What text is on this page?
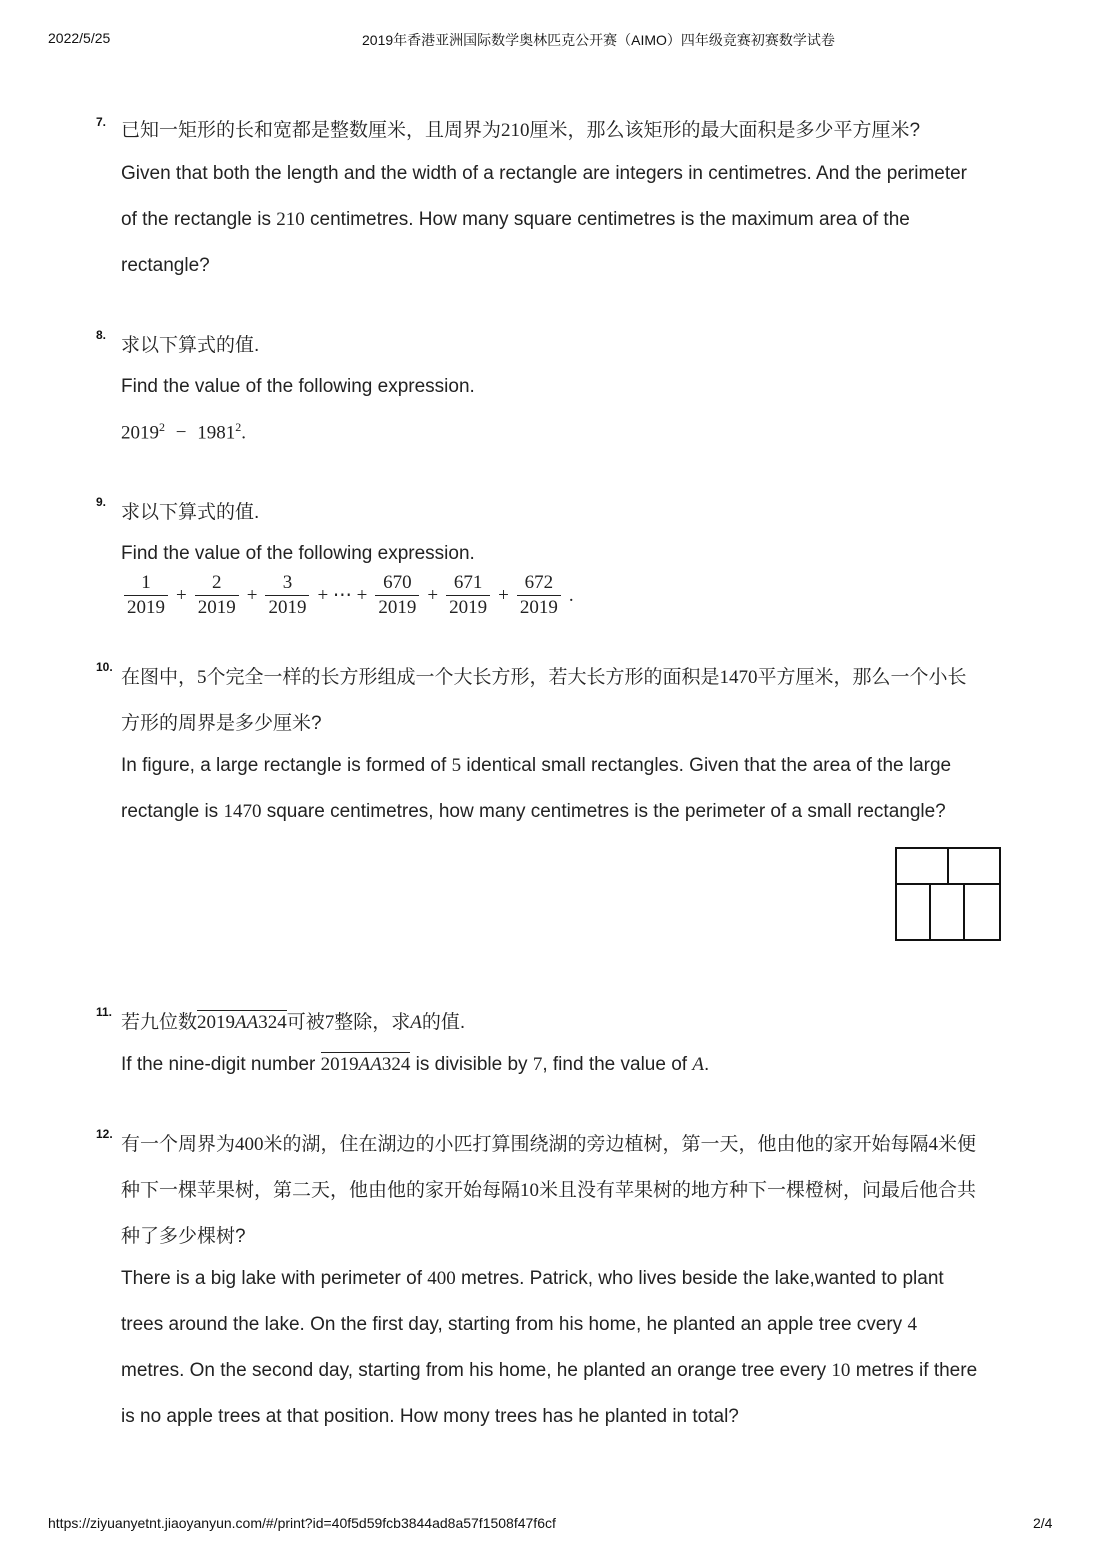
2022/5/25	2019年香港亚洲国际数学奥林匹克公开赛（AIMO）四年级竞赛初赛数学试卷
7. 已知一矩形的长和宽都是整数厘米，且周界为210厘米，那么该矩形的最大面积是多少平方厘米?
Given that both the length and the width of a rectangle are integers in centimetres. And the perimeter
of the rectangle is 210 centimetres. How many square centimetres is the maximum area of the
rectangle?
8. 求以下算式的值.
Find the value of the following expression.
$2019^2 - 1981^2$.
9. 求以下算式的值.
Find the value of the following expression.
$\frac{1}{2019} + \frac{2}{2019} + \frac{3}{2019}$ + ⋯ + $\frac{670}{2019} + \frac{671}{2019} + \frac{672}{2019}$ .
10. 在图中，5个完全一样的长方形组成一个大长方形，若大长方形的面积是1470平方厘米，那么一个小长
方形的周界是多少厘米?
In figure, a large rectangle is formed of 5 identical small rectangles. Given that the area of the large
rectangle is 1470 square centimetres, how many centimetres is the perimeter of a small rectangle?
11. 若九位数2019AA324可被7整除，求A的值.
If the nine-digit number 2019AA324 is divisible by 7, find the value of A.
12. 有一个周界为400米的湖，住在湖边的小匹打算围绕湖的旁边植树，第一天，他由他的家开始每隔4米便
种下一棵苹果树，第二天，他由他的家开始每隔10米且没有苹果树的地方种下一棵橙树，问最后他合共
种了多少棵树?
There is a big lake with perimeter of 400 metres. Patrick, who lives beside the lake,wanted to plant
trees around the lake. On the first day, starting from his home, he planted an apple tree cvery 4
metres. On the second day, starting from his home, he planted an orange tree every 10 metres if there
is no apple trees at that position. How mony trees has he planted in total?
https://ziyuanyetnt.jiaoyanyun.com/#/print?id=40f5d59fcb3844ad8a57f1508f47f6cf	2/4
